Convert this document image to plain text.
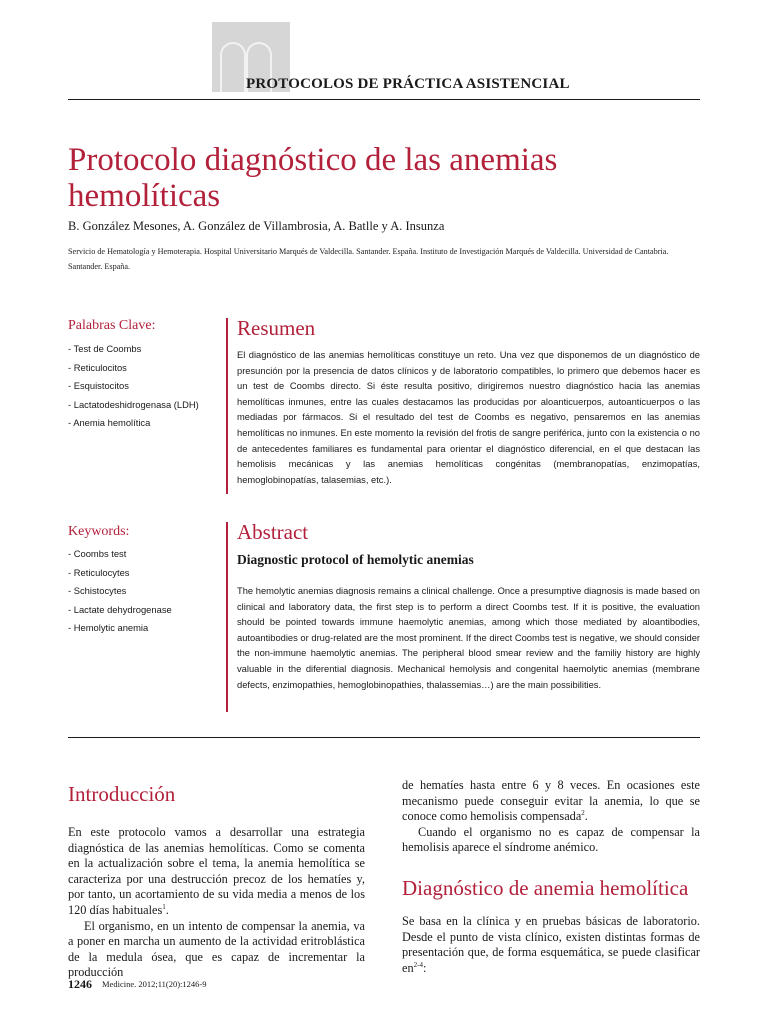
PROTOCOLOS DE PRÁCTICA ASISTENCIAL
Protocolo diagnóstico de las anemias hemolíticas
B. González Mesones, A. González de Villambrosia, A. Batlle y A. Insunza
Servicio de Hematología y Hemoterapia. Hospital Universitario Marqués de Valdecilla. Santander. España. Instituto de Investigación Marqués de Valdecilla. Universidad de Cantabria. Santander. España.
Palabras Clave:
- Test de Coombs
- Reticulocitos
- Esquistocitos
- Lactatodeshidrogenasa (LDH)
- Anemia hemolítica
Resumen
El diagnóstico de las anemias hemolíticas constituye un reto. Una vez que disponemos de un diagnóstico de presunción por la presencia de datos clínicos y de laboratorio compatibles, lo primero que debemos hacer es un test de Coombs directo. Si éste resulta positivo, dirigiremos nuestro diagnóstico hacia las anemias hemolíticas inmunes, entre las cuales destacamos las producidas por aloanticuerpos, autoanticuerpos o las mediadas por fármacos. Si el resultado del test de Coombs es negativo, pensaremos en las anemias hemolíticas no inmunes. En este momento la revisión del frotis de sangre periférica, junto con la existencia o no de antecedentes familiares es fundamental para orientar el diagnóstico diferencial, en el que destacan las hemolisis mecánicas y las anemias hemolíticas congénitas (membranopatías, enzimopatías, hemoglobinopatías, talasemias, etc.).
Keywords:
- Coombs test
- Reticulocytes
- Schistocytes
- Lactate dehydrogenase
- Hemolytic anemia
Abstract
Diagnostic protocol of hemolytic anemias
The hemolytic anemias diagnosis remains a clinical challenge. Once a presumptive diagnosis is made based on clinical and laboratory data, the first step is to perform a direct Coombs test. If it is positive, the evaluation should be pointed towards immune haemolytic anemias, among which those mediated by aloantibodies, autoantibodies or drug-related are the most prominent. If the direct Coombs test is negative, we should consider the non-immune haemolytic anemias. The peripheral blood smear review and the familiy history are highly valuable in the diferential diagnosis. Mechanical hemolysis and congenital haemolytic anemias (membrane defects, enzimopathies, hemoglobinopathies, thalassemias…) are the main possibilities.
Introducción

En este protocolo vamos a desarrollar una estrategia diagnóstica de las anemias hemolíticas. Como se comenta en la actualización sobre el tema, la anemia hemolítica se caracteriza por una destrucción precoz de los hematíes y, por tanto, un acortamiento de su vida media a menos de los 120 días habituales$^1$.

El organismo, en un intento de compensar la anemia, va a poner en marcha un aumento de la actividad eritroblástica de la medula ósea, que es capaz de incrementar la producción

de hematíes hasta entre 6 y 8 veces. En ocasiones este mecanismo puede conseguir evitar la anemia, lo que se conoce como hemolisis compensada$^2$.

Cuando el organismo no es capaz de compensar la hemolisis aparece el síndrome anémico.

Diagnóstico de anemia hemolítica

Se basa en la clínica y en pruebas básicas de laboratorio. Desde el punto de vista clínico, existen distintas formas de presentación que, de forma esquemática, se puede clasificar $en^{2-4}$:

1246 Medicine. 2012;11(20):1246-9
